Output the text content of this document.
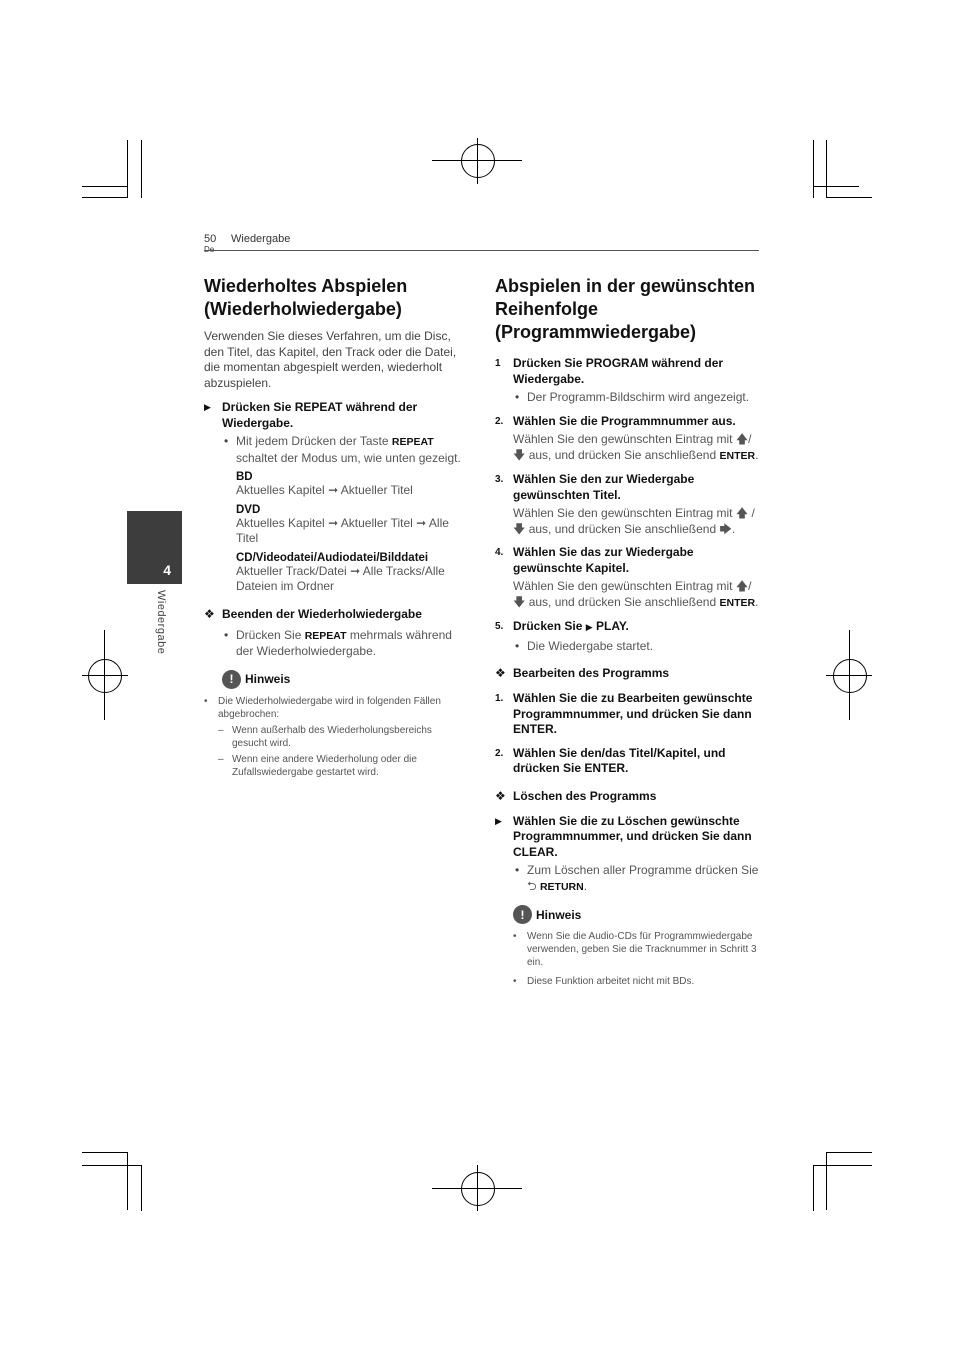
50 Wiedergabe
4
Wiedergabe
Wiederholtes Abspielen (Wiederholwiedergabe)
Verwenden Sie dieses Verfahren, um die Disc, den Titel, das Kapitel, den Track oder die Datei, die momentan abgespielt werden, wiederholt abzuspielen.
▶ Drücken Sie REPEAT während der Wiedergabe.
• Mit jedem Drücken der Taste REPEAT schaltet der Modus um, wie unten gezeigt.
BD
Aktuelles Kapitel ➞ Aktueller Titel
DVD
Aktuelles Kapitel ➞ Aktueller Titel ➞ Alle Titel
CD/Videodatei/Audiodatei/Bilddatei
Aktueller Track/Datei ➞ Alle Tracks/Alle Dateien im Ordner
❖ Beenden der Wiederholwiedergabe
• Drücken Sie REPEAT mehrmals während der Wiederholwiedergabe.
! Hinweis
• Die Wiederholwiedergabe wird in folgenden Fällen abgebrochen:
– Wenn außerhalb des Wiederholungsbereichs gesucht wird.
– Wenn eine andere Wiederholung oder die Zufallswiedergabe gestartet wird.
Abspielen in der gewünschten Reihenfolge (Programmwiedergabe)
1 Drücken Sie PROGRAM während der Wiedergabe.
• Der Programm-Bildschirm wird angezeigt.
2. Wählen Sie die Programmnummer aus.
Wählen Sie den gewünschten Eintrag mit 🡅/🡇 aus, und drücken Sie anschließend ENTER.
3. Wählen Sie den zur Wiedergabe gewünschten Titel.
Wählen Sie den gewünschten Eintrag mit 🡅 /🡇 aus, und drücken Sie anschließend 🡆.
4. Wählen Sie das zur Wiedergabe gewünschte Kapitel.
Wählen Sie den gewünschten Eintrag mit 🡅/🡇 aus, und drücken Sie anschließend ENTER.
5. Drücken Sie ▶ PLAY.
• Die Wiedergabe startet.
❖ Bearbeiten des Programms
1. Wählen Sie die zu Bearbeiten gewünschte Programmnummer, und drücken Sie dann ENTER.
2. Wählen Sie den/das Titel/Kapitel, und drücken Sie ENTER.
❖ Löschen des Programms
▶ Wählen Sie die zu Löschen gewünschte Programmnummer, und drücken Sie dann CLEAR.
• Zum Löschen aller Programme drücken Sie ⮌ RETURN.
! Hinweis
• Wenn Sie die Audio-CDs für Programmwiedergabe verwenden, geben Sie die Tracknummer in Schritt 3 ein.
• Diese Funktion arbeitet nicht mit BDs.
